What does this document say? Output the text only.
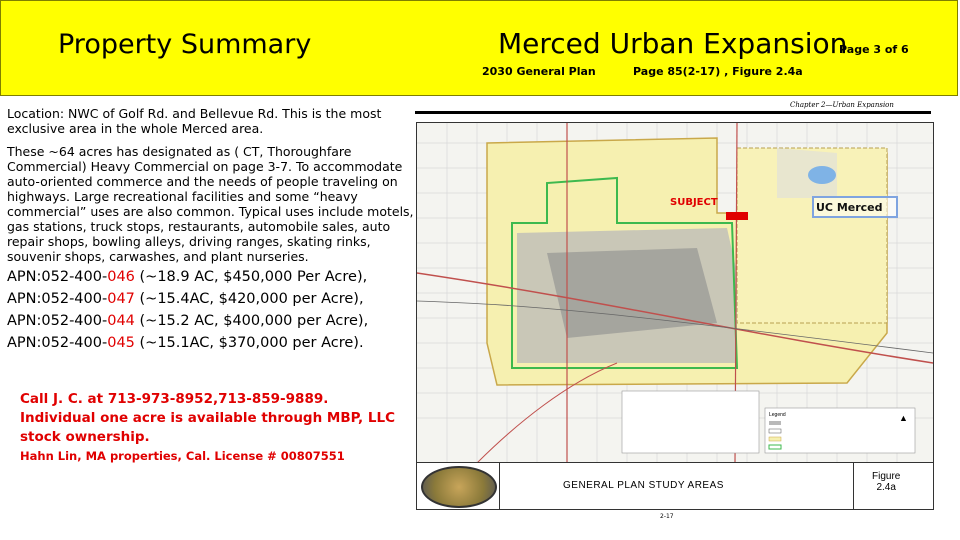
Property Summary	Merced Urban Expansion
Page 3 of 6
2030 General Plan	Page 85(2-17) , Figure 2.4a

Location: NWC of Golf Rd. and Bellevue Rd. This is the most exclusive area in the whole Merced area.

These ~64 acres has designated as ( CT, Thoroughfare Commercial) Heavy Commercial on page 3-7. To accommodate auto-oriented commerce and the needs of people traveling on highways. Large recreational facilities and some “heavy commercial” uses are also common. Typical uses include motels, gas stations, truck stops, restaurants, automobile sales, auto repair shops, bowling alleys, driving ranges, skating rinks, souvenir shops, carwashes, and plant nurseries.

APN:052-400-046 (~18.9 AC, $450,000 Per Acre),
APN:052-400-047 (~15.4AC, $420,000 per Acre),
APN:052-400-044 (~15.2 AC, $400,000 per Acre),
APN:052-400-045 (~15.1AC, $370,000 per Acre).
Call J. C. at 713-973-8952,713-859-9889.
Individual one acre is available through MBP, LLC stock ownership.
Hahn Lin, MA properties, Cal. License # 00807551
Chapter 2—Urban Expansion
Legend	▲
SUBJECT	UC Merced
GENERAL PLAN STUDY AREAS
Figure
2.4a
2-17
